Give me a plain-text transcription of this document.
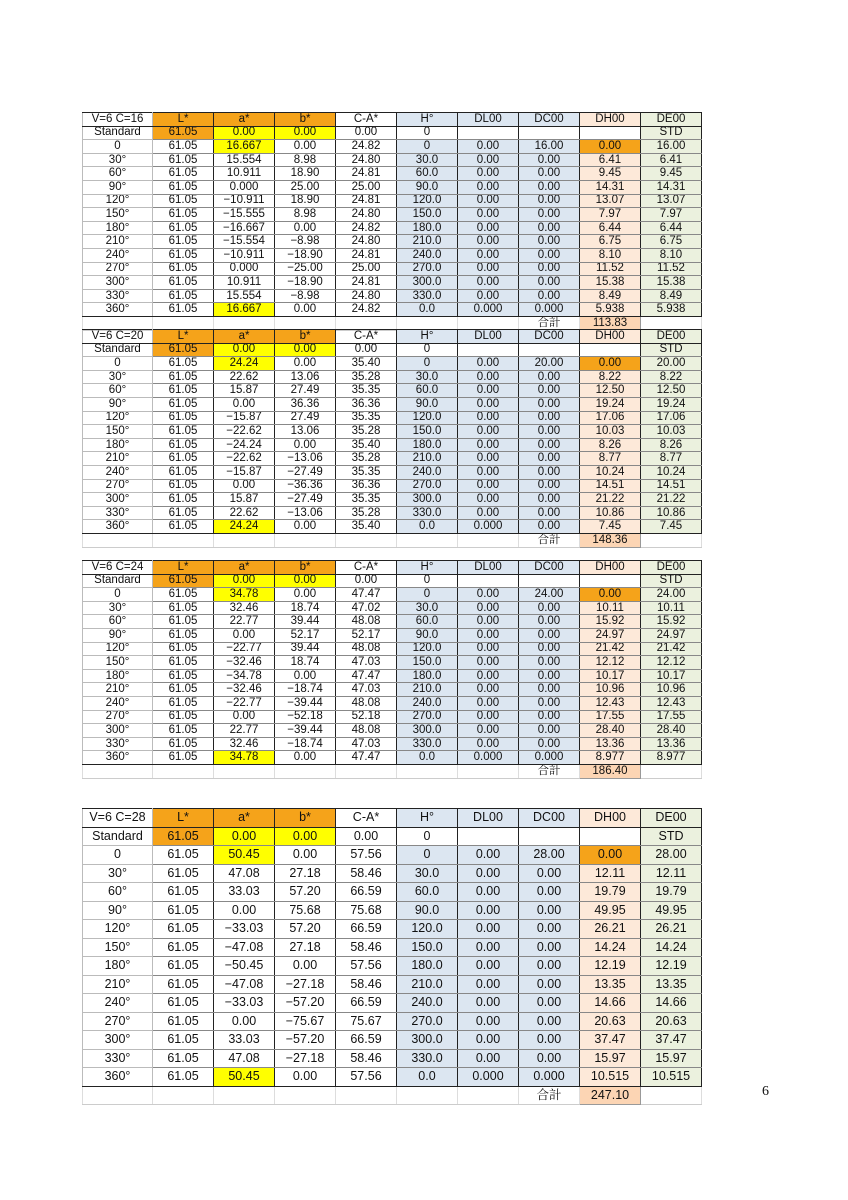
V=6 C=16	L*	a*	b*	C-A*	H°	DL00	DC00	DH00	DE00
Standard	61.05	0.00	0.00	0.00	0				STD
0	61.05	16.667	0.00	24.82	0	0.00	16.00	0.00	16.00
30°	61.05	15.554	8.98	24.80	30.0	0.00	0.00	6.41	6.41
60°	61.05	10.911	18.90	24.81	60.0	0.00	0.00	9.45	9.45
90°	61.05	0.000	25.00	25.00	90.0	0.00	0.00	14.31	14.31
120°	61.05	−10.911	18.90	24.81	120.0	0.00	0.00	13.07	13.07
150°	61.05	−15.555	8.98	24.80	150.0	0.00	0.00	7.97	7.97
180°	61.05	−16.667	0.00	24.82	180.0	0.00	0.00	6.44	6.44
210°	61.05	−15.554	−8.98	24.80	210.0	0.00	0.00	6.75	6.75
240°	61.05	−10.911	−18.90	24.81	240.0	0.00	0.00	8.10	8.10
270°	61.05	0.000	−25.00	25.00	270.0	0.00	0.00	11.52	11.52
300°	61.05	10.911	−18.90	24.81	300.0	0.00	0.00	15.38	15.38
330°	61.05	15.554	−8.98	24.80	330.0	0.00	0.00	8.49	8.49
360°	61.05	16.667	0.00	24.82	0.0	0.000	0.000	5.938	5.938
							合計	113.83	
V=6 C=20	L*	a*	b*	C-A*	H°	DL00	DC00	DH00	DE00
Standard	61.05	0.00	0.00	0.00	0				STD
0	61.05	24.24	0.00	35.40	0	0.00	20.00	0.00	20.00
30°	61.05	22.62	13.06	35.28	30.0	0.00	0.00	8.22	8.22
60°	61.05	15.87	27.49	35.35	60.0	0.00	0.00	12.50	12.50
90°	61.05	0.00	36.36	36.36	90.0	0.00	0.00	19.24	19.24
120°	61.05	−15.87	27.49	35.35	120.0	0.00	0.00	17.06	17.06
150°	61.05	−22.62	13.06	35.28	150.0	0.00	0.00	10.03	10.03
180°	61.05	−24.24	0.00	35.40	180.0	0.00	0.00	8.26	8.26
210°	61.05	−22.62	−13.06	35.28	210.0	0.00	0.00	8.77	8.77
240°	61.05	−15.87	−27.49	35.35	240.0	0.00	0.00	10.24	10.24
270°	61.05	0.00	−36.36	36.36	270.0	0.00	0.00	14.51	14.51
300°	61.05	15.87	−27.49	35.35	300.0	0.00	0.00	21.22	21.22
330°	61.05	22.62	−13.06	35.28	330.0	0.00	0.00	10.86	10.86
360°	61.05	24.24	0.00	35.40	0.0	0.000	0.00	7.45	7.45
							合計	148.36	
V=6 C=24	L*	a*	b*	C-A*	H°	DL00	DC00	DH00	DE00
Standard	61.05	0.00	0.00	0.00	0				STD
0	61.05	34.78	0.00	47.47	0	0.00	24.00	0.00	24.00
30°	61.05	32.46	18.74	47.02	30.0	0.00	0.00	10.11	10.11
60°	61.05	22.77	39.44	48.08	60.0	0.00	0.00	15.92	15.92
90°	61.05	0.00	52.17	52.17	90.0	0.00	0.00	24.97	24.97
120°	61.05	−22.77	39.44	48.08	120.0	0.00	0.00	21.42	21.42
150°	61.05	−32.46	18.74	47.03	150.0	0.00	0.00	12.12	12.12
180°	61.05	−34.78	0.00	47.47	180.0	0.00	0.00	10.17	10.17
210°	61.05	−32.46	−18.74	47.03	210.0	0.00	0.00	10.96	10.96
240°	61.05	−22.77	−39.44	48.08	240.0	0.00	0.00	12.43	12.43
270°	61.05	0.00	−52.18	52.18	270.0	0.00	0.00	17.55	17.55
300°	61.05	22.77	−39.44	48.08	300.0	0.00	0.00	28.40	28.40
330°	61.05	32.46	−18.74	47.03	330.0	0.00	0.00	13.36	13.36
360°	61.05	34.78	0.00	47.47	0.0	0.000	0.000	8.977	8.977
							合計	186.40	
V=6 C=28	L*	a*	b*	C-A*	H°	DL00	DC00	DH00	DE00
Standard	61.05	0.00	0.00	0.00	0				STD
0	61.05	50.45	0.00	57.56	0	0.00	28.00	0.00	28.00
30°	61.05	47.08	27.18	58.46	30.0	0.00	0.00	12.11	12.11
60°	61.05	33.03	57.20	66.59	60.0	0.00	0.00	19.79	19.79
90°	61.05	0.00	75.68	75.68	90.0	0.00	0.00	49.95	49.95
120°	61.05	−33.03	57.20	66.59	120.0	0.00	0.00	26.21	26.21
150°	61.05	−47.08	27.18	58.46	150.0	0.00	0.00	14.24	14.24
180°	61.05	−50.45	0.00	57.56	180.0	0.00	0.00	12.19	12.19
210°	61.05	−47.08	−27.18	58.46	210.0	0.00	0.00	13.35	13.35
240°	61.05	−33.03	−57.20	66.59	240.0	0.00	0.00	14.66	14.66
270°	61.05	0.00	−75.67	75.67	270.0	0.00	0.00	20.63	20.63
300°	61.05	33.03	−57.20	66.59	300.0	0.00	0.00	37.47	37.47
330°	61.05	47.08	−27.18	58.46	330.0	0.00	0.00	15.97	15.97
360°	61.05	50.45	0.00	57.56	0.0	0.000	0.000	10.515	10.515
							合計	247.10		6
